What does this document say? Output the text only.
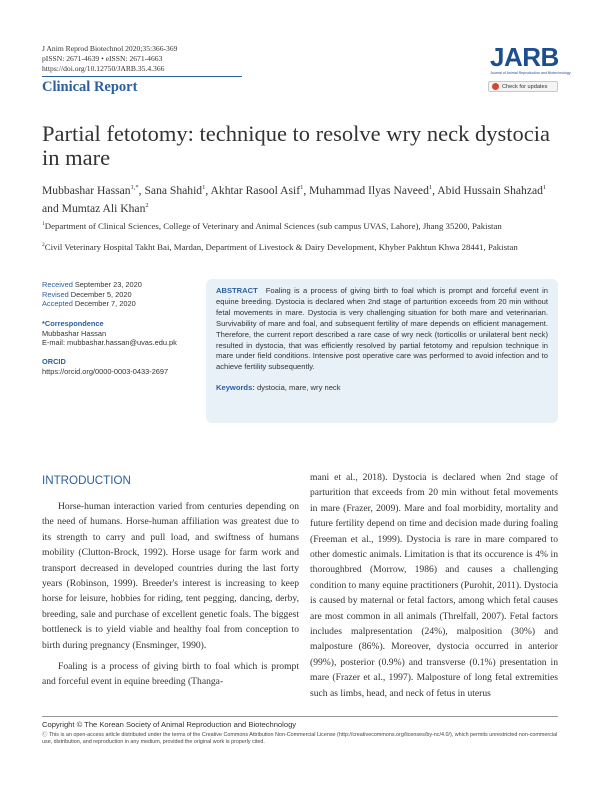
J Anim Reprod Biotechnol 2020;35:366-369
pISSN: 2671-4639 • eISSN: 2671-4663
https://doi.org/10.12750/JARB.35.4.366
Clinical Report
JARB
Journal of Animal Reproduction and Biotechnology
Check for updates
Partial fetotomy: technique to resolve wry neck dystocia in mare
Mubbashar Hassan$^{1,*}$, Sana Shahid$^1$, Akhtar Rasool Asif$^1$, Muhammad Ilyas Naveed$^1$, Abid Hussain Shahzad$^1$ and Mumtaz Ali Khan$^2$
$^1$Department of Clinical Sciences, College of Veterinary and Animal Sciences (sub campus UVAS, Lahore), Jhang 35200, Pakistan
$^2$Civil Veterinary Hospital Takht Bai, Mardan, Department of Livestock & Dairy Development, Khyber Pakhtun Khwa 28441, Pakistan
Received September 23, 2020
Revised December 5, 2020
Accepted December 7, 2020
*Correspondence
Mubbashar Hassan
E-mail: mubbashar.hassan@uvas.edu.pk
ORCID
https://orcid.org/0000-0003-0433-2697
ABSTRACT Foaling is a process of giving birth to foal which is prompt and forceful event in equine breeding. Dystocia is declared when 2nd stage of parturition exceeds from 20 min without fetal movements in mare. Dystocia is very challenging situation for both mare and veterinarian. Survivability of mare and foal, and subsequent fertility of mare depends on efficient management. Therefore, the current report described a rare case of wry neck (torticollis or unilateral bent neck) resulted in dystocia, that was efficiently resolved by partial fetotomy and repulsion technique in mare under field conditions. Intensive post operative care was performed to avoid infection and to achieve fertility subsequently.
Keywords: dystocia, mare, wry neck
INTRODUCTION

Horse-human interaction varied from centuries depending on the need of humans. Horse-human affiliation was greatest due to its strength to carry and pull load, and swiftness of humans mobility (Clutton-Brock, 1992). Horse usage for farm work and transport decreased in developed countries during the last forty years (Robinson, 1999). Breeder's interest is increasing to keep horse for leisure, hobbies for riding, tent pegging, dancing, derby, breeding, sale and purchase of excellent genetic foals. The biggest bottleneck is to yield viable and healthy foal from conception to birth during pregnancy (Ensminger, 1990).

Foaling is a process of giving birth to foal which is prompt and forceful event in equine breeding (Thanga-

mani et al., 2018). Dystocia is declared when 2nd stage of parturition that exceeds from 20 min without fetal movements in mare (Frazer, 2009). Mare and foal morbidity, mortality and future fertility depend on time and decision made during foaling (Freeman et al., 1999). Dystocia is rare in mare compared to other domestic animals. Limitation is that its occurence is 4% in thoroughbred (Morrow, 1986) and causes a challenging condition to many equine practitioners (Purohit, 2011). Dystocia is caused by maternal or fetal factors, among which fetal causes are most common in all animals (Threlfall, 2007). Fetal factors includes malpresentation (24%), malposition (30%) and malposture (86%). Moreover, dystocia occurred in anterior (99%), posterior (0.9%) and transverse (0.1%) presentation in mare (Frazer et al., 1997). Malposture of long fetal extremities such as limbs, head, and neck of fetus in uterus

Copyright © The Korean Society of Animal Reproduction and Biotechnology
Ⓒ This is an open-access article distributed under the terms of the Creative Commons Attribution Non-Commercial License (http://creativecommons.org/licenses/by-nc/4.0/), which permits unrestricted non-commercial use, distribution, and reproduction in any medium, provided the original work is properly cited.
